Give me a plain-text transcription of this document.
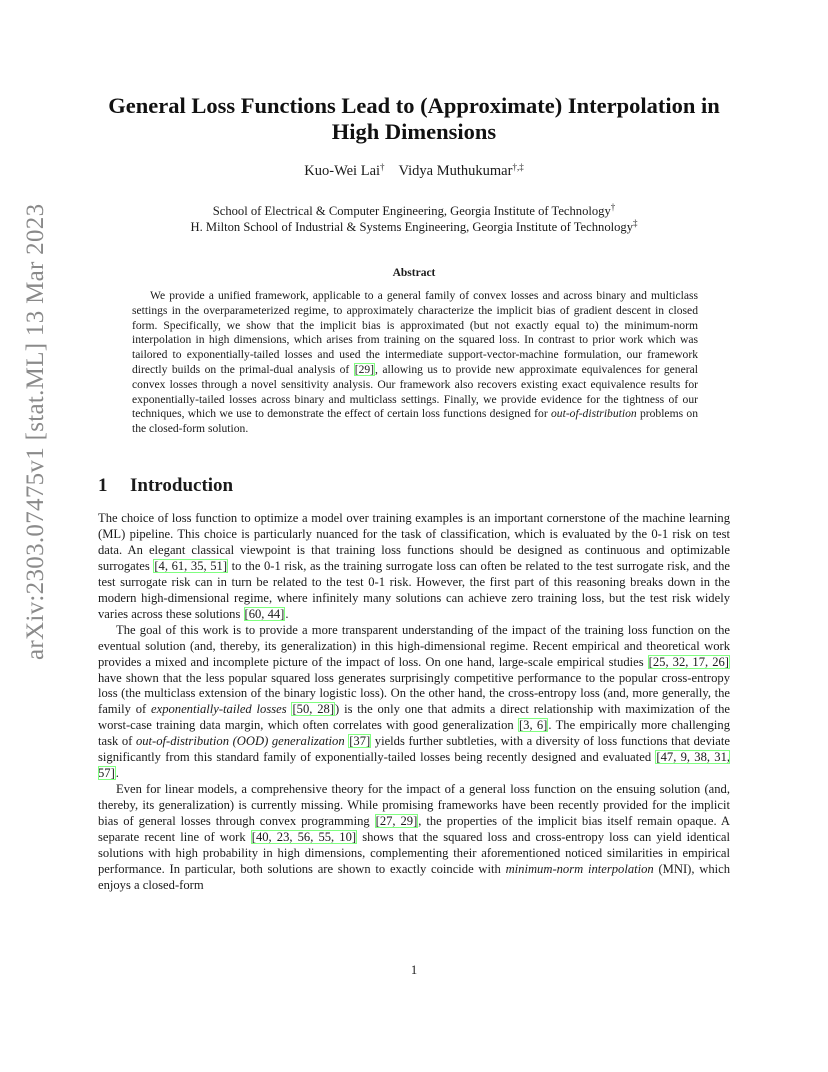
arXiv:2303.07475v1 [stat.ML] 13 Mar 2023
General Loss Functions Lead to (Approximate) Interpolation in High Dimensions
Kuo-Wei Lai† Vidya Muthukumar†,‡
School of Electrical & Computer Engineering, Georgia Institute of Technology†
H. Milton School of Industrial & Systems Engineering, Georgia Institute of Technology‡
Abstract

We provide a unified framework, applicable to a general family of convex losses and across binary and multiclass settings in the overparameterized regime, to approximately characterize the implicit bias of gradient descent in closed form. Specifically, we show that the implicit bias is approximated (but not exactly equal to) the minimum-norm interpolation in high dimensions, which arises from training on the squared loss. In contrast to prior work which was tailored to exponentially-tailed losses and used the intermediate support-vector-machine formulation, our framework directly builds on the primal-dual analysis of [29], allowing us to provide new approximate equivalences for general convex losses through a novel sensitivity analysis. Our framework also recovers existing exact equivalence results for exponentially-tailed losses across binary and multiclass settings. Finally, we provide evidence for the tightness of our techniques, which we use to demonstrate the effect of certain loss functions designed for out-of-distribution problems on the closed-form solution.

1 Introduction

The choice of loss function to optimize a model over training examples is an important cornerstone of the machine learning (ML) pipeline. This choice is particularly nuanced for the task of classification, which is evaluated by the 0-1 risk on test data. An elegant classical viewpoint is that training loss functions should be designed as continuous and optimizable surrogates [4, 61, 35, 51] to the 0-1 risk, as the training surrogate loss can often be related to the test surrogate risk, and the test surrogate risk can in turn be related to the test 0-1 risk. However, the first part of this reasoning breaks down in the modern high-dimensional regime, where infinitely many solutions can achieve zero training loss, but the test risk widely varies across these solutions [60, 44].

The goal of this work is to provide a more transparent understanding of the impact of the training loss function on the eventual solution (and, thereby, its generalization) in this high-dimensional regime. Recent empirical and theoretical work provides a mixed and incomplete picture of the impact of loss. On one hand, large-scale empirical studies [25, 32, 17, 26] have shown that the less popular squared loss generates surprisingly competitive performance to the popular cross-entropy loss (the multiclass extension of the binary logistic loss). On the other hand, the cross-entropy loss (and, more generally, the family of exponentially-tailed losses [50, 28]) is the only one that admits a direct relationship with maximization of the worst-case training data margin, which often correlates with good generalization [3, 6]. The empirically more challenging task of out-of-distribution (OOD) generalization [37] yields further subtleties, with a diversity of loss functions that deviate significantly from this standard family of exponentially-tailed losses being recently designed and evaluated [47, 9, 38, 31, 57].

Even for linear models, a comprehensive theory for the impact of a general loss function on the ensuing solution (and, thereby, its generalization) is currently missing. While promising frameworks have been recently provided for the implicit bias of general losses through convex programming [27, 29], the properties of the implicit bias itself remain opaque. A separate recent line of work [40, 23, 56, 55, 10] shows that the squared loss and cross-entropy loss can yield identical solutions with high probability in high dimensions, complementing their aforementioned noticed similarities in empirical performance. In particular, both solutions are shown to exactly coincide with minimum-norm interpolation (MNI), which enjoys a closed-form

1
